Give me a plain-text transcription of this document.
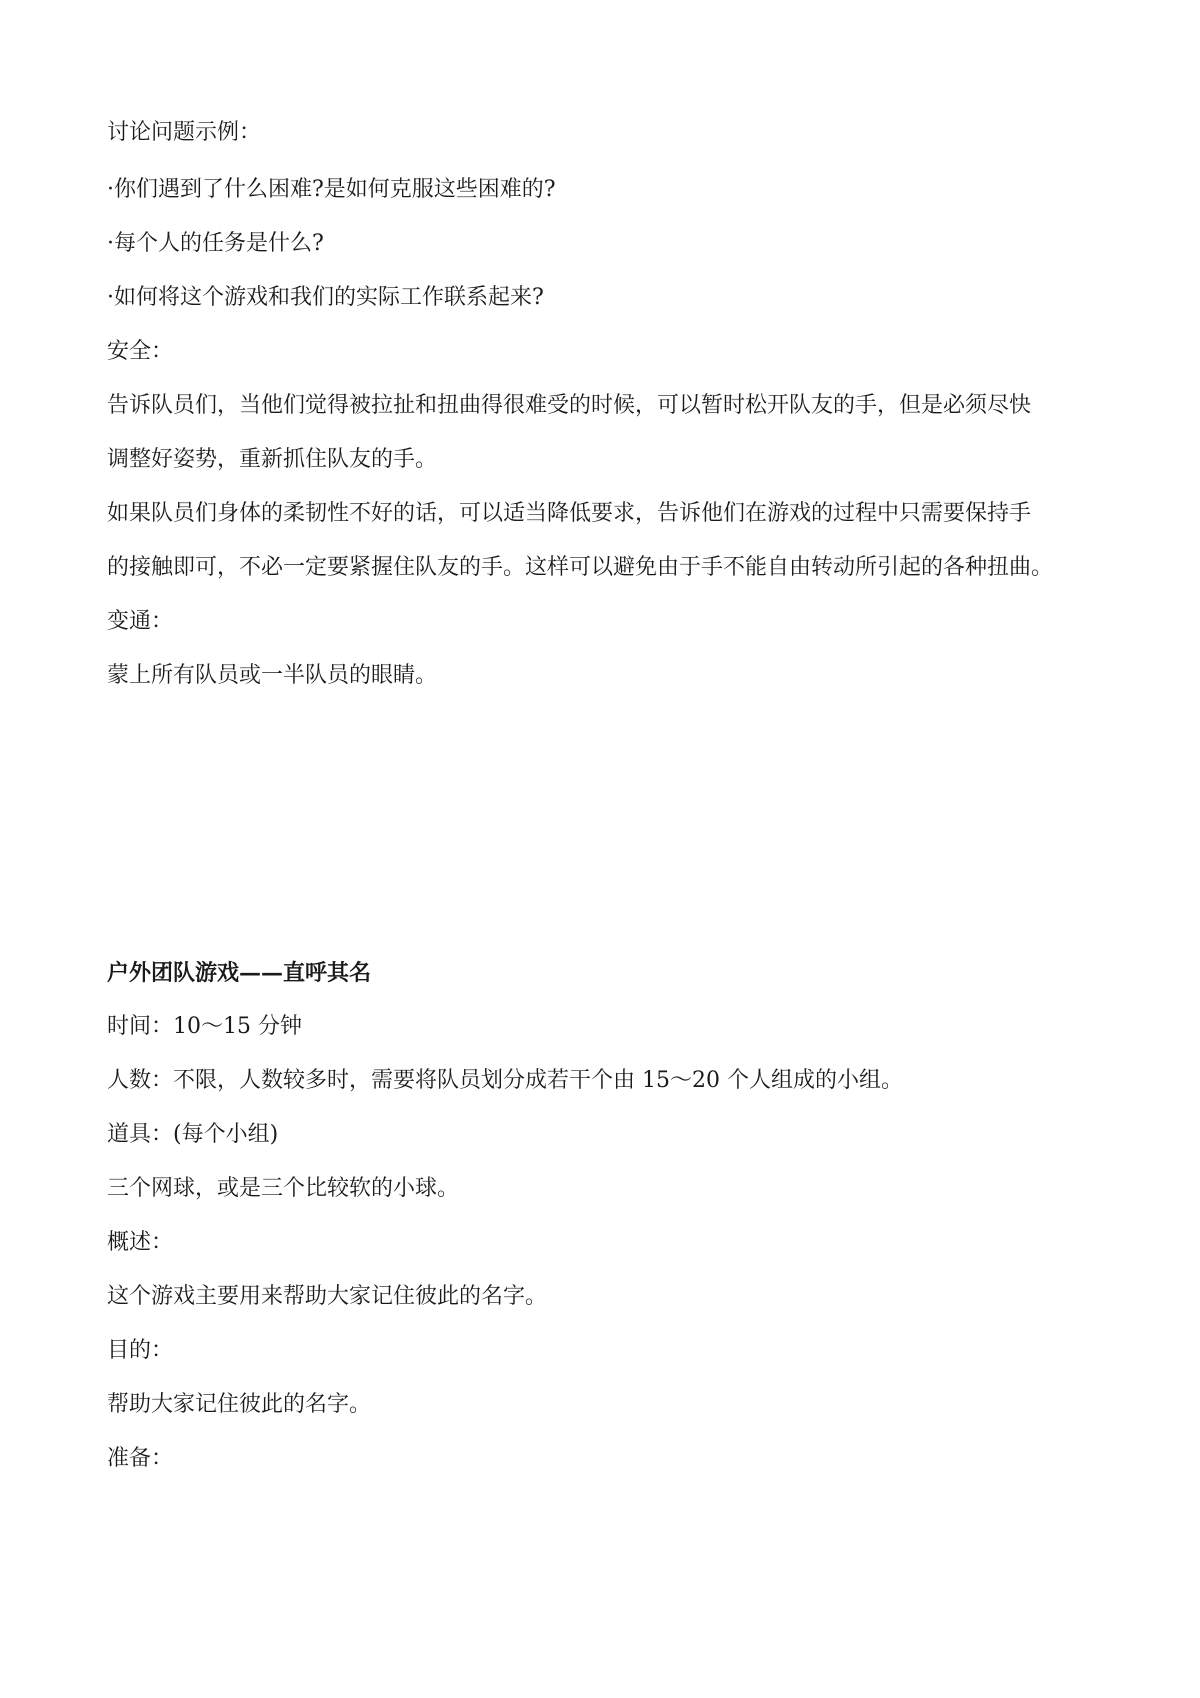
讨论问题示例：
·你们遇到了什么困难?是如何克服这些困难的?
·每个人的任务是什么?
·如何将这个游戏和我们的实际工作联系起来?
安全：
告诉队员们，当他们觉得被拉扯和扭曲得很难受的时候，可以暂时松开队友的手，但是必须尽快
调整好姿势，重新抓住队友的手。
如果队员们身体的柔韧性不好的话，可以适当降低要求，告诉他们在游戏的过程中只需要保持手
的接触即可，不必一定要紧握住队友的手。这样可以避免由于手不能自由转动所引起的各种扭曲。
变通：
蒙上所有队员或一半队员的眼睛。
户外团队游戏——直呼其名
时间：10～15 分钟
人数：不限，人数较多时，需要将队员划分成若干个由 15～20 个人组成的小组。
道具：(每个小组)
三个网球，或是三个比较软的小球。
概述：
这个游戏主要用来帮助大家记住彼此的名字。
目的：
帮助大家记住彼此的名字。
准备：
